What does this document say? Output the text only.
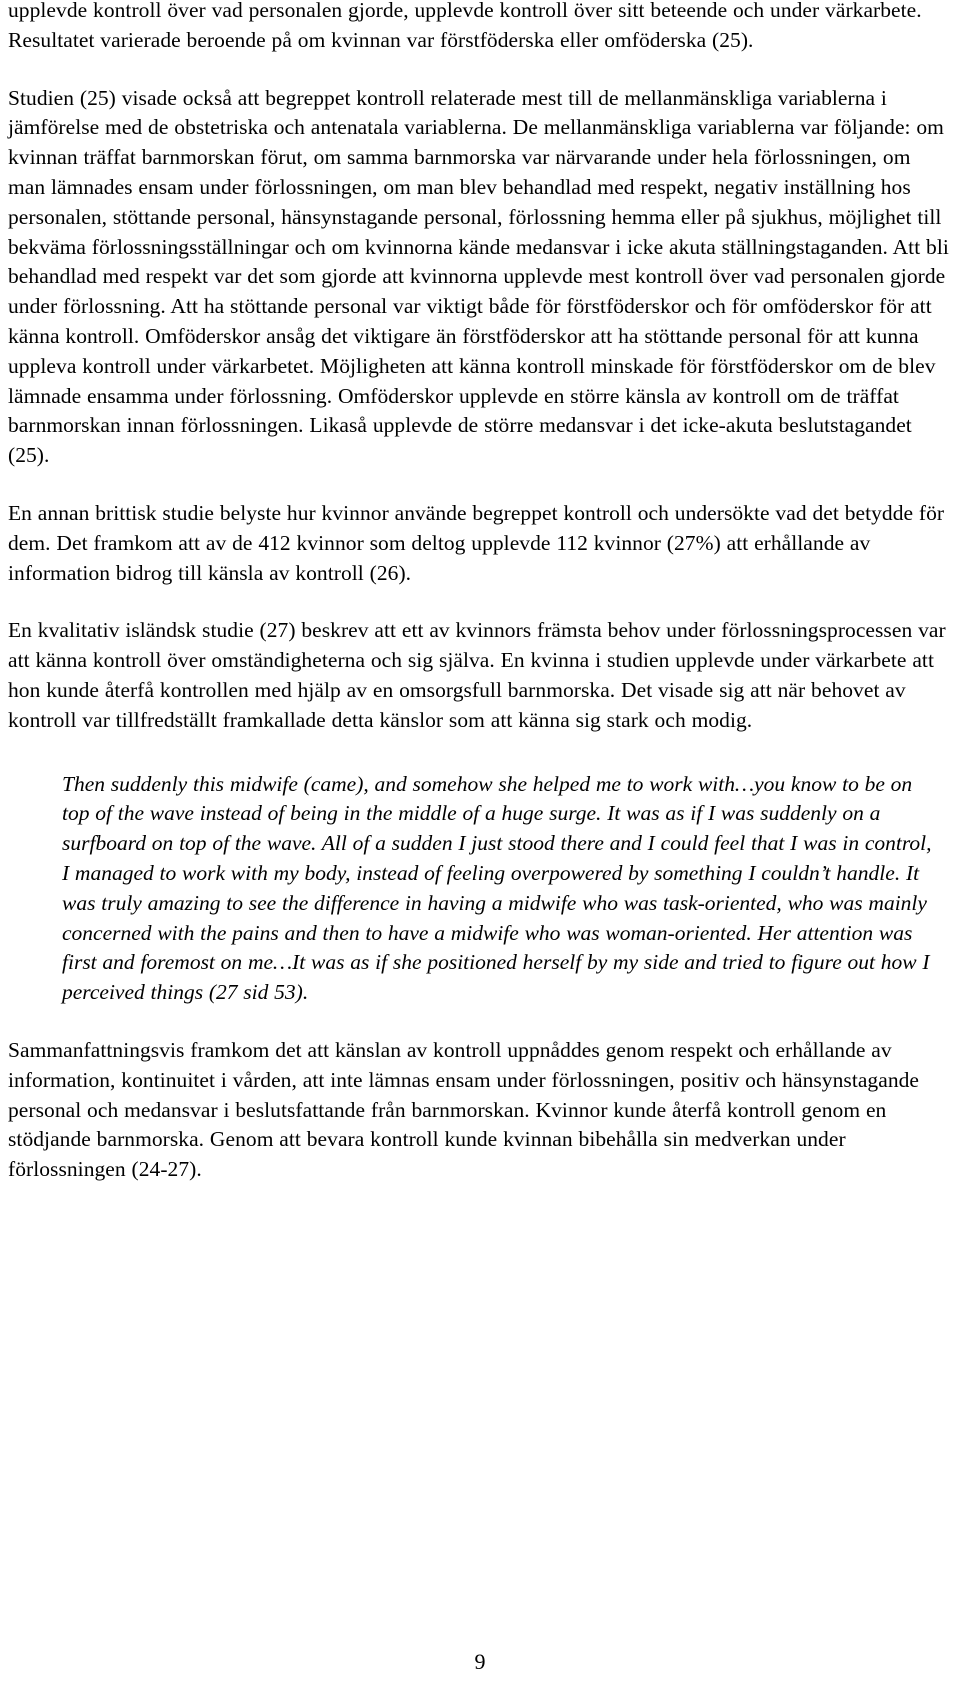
upplevde kontroll över vad personalen gjorde, upplevde kontroll över sitt beteende och under värkarbete. Resultatet varierade beroende på om kvinnan var förstföderska eller omföderska (25).

Studien (25) visade också att begreppet kontroll relaterade mest till de mellanmänskliga variablerna i jämförelse med de obstetriska och antenatala variablerna. De mellanmänskliga variablerna var följande: om kvinnan träffat barnmorskan förut, om samma barnmorska var närvarande under hela förlossningen, om man lämnades ensam under förlossningen, om man blev behandlad med respekt, negativ inställning hos personalen, stöttande personal, hänsynstagande personal, förlossning hemma eller på sjukhus, möjlighet till bekväma förlossningsställningar och om kvinnorna kände medansvar i icke akuta ställningstaganden. Att bli behandlad med respekt var det som gjorde att kvinnorna upplevde mest kontroll över vad personalen gjorde under förlossning. Att ha stöttande personal var viktigt både för förstföderskor och för omföderskor för att känna kontroll. Omföderskor ansåg det viktigare än förstföderskor att ha stöttande personal för att kunna uppleva kontroll under värkarbetet. Möjligheten att känna kontroll minskade för förstföderskor om de blev lämnade ensamma under förlossning. Omföderskor upplevde en större känsla av kontroll om de träffat barnmorskan innan förlossningen. Likaså upplevde de större medansvar i det icke-akuta beslutstagandet (25).

En annan brittisk studie belyste hur kvinnor använde begreppet kontroll och undersökte vad det betydde för dem. Det framkom att av de 412 kvinnor som deltog upplevde 112 kvinnor (27%) att erhållande av information bidrog till känsla av kontroll (26).

En kvalitativ isländsk studie (27) beskrev att ett av kvinnors främsta behov under förlossningsprocessen var att känna kontroll över omständigheterna och sig själva. En kvinna i studien upplevde under värkarbete att hon kunde återfå kontrollen med hjälp av en omsorgsfull barnmorska. Det visade sig att när behovet av kontroll var tillfredställt framkallade detta känslor som att känna sig stark och modig.

Then suddenly this midwife (came), and somehow she helped me to work with…you know to be on top of the wave instead of being in the middle of a huge surge. It was as if I was suddenly on a surfboard on top of the wave. All of a sudden I just stood there and I could feel that I was in control, I managed to work with my body, instead of feeling overpowered by something I couldn’t handle. It was truly amazing to see the difference in having a midwife who was task-oriented, who was mainly concerned with the pains and then to have a midwife who was woman-oriented. Her attention was first and foremost on me…It was as if she positioned herself by my side and tried to figure out how I perceived things (27 sid 53).

Sammanfattningsvis framkom det att känslan av kontroll uppnåddes genom respekt och erhållande av information, kontinuitet i vården, att inte lämnas ensam under förlossningen, positiv och hänsynstagande personal och medansvar i beslutsfattande från barnmorskan. Kvinnor kunde återfå kontroll genom en stödjande barnmorska. Genom att bevara kontroll kunde kvinnan bibehålla sin medverkan under förlossningen (24-27).

9
